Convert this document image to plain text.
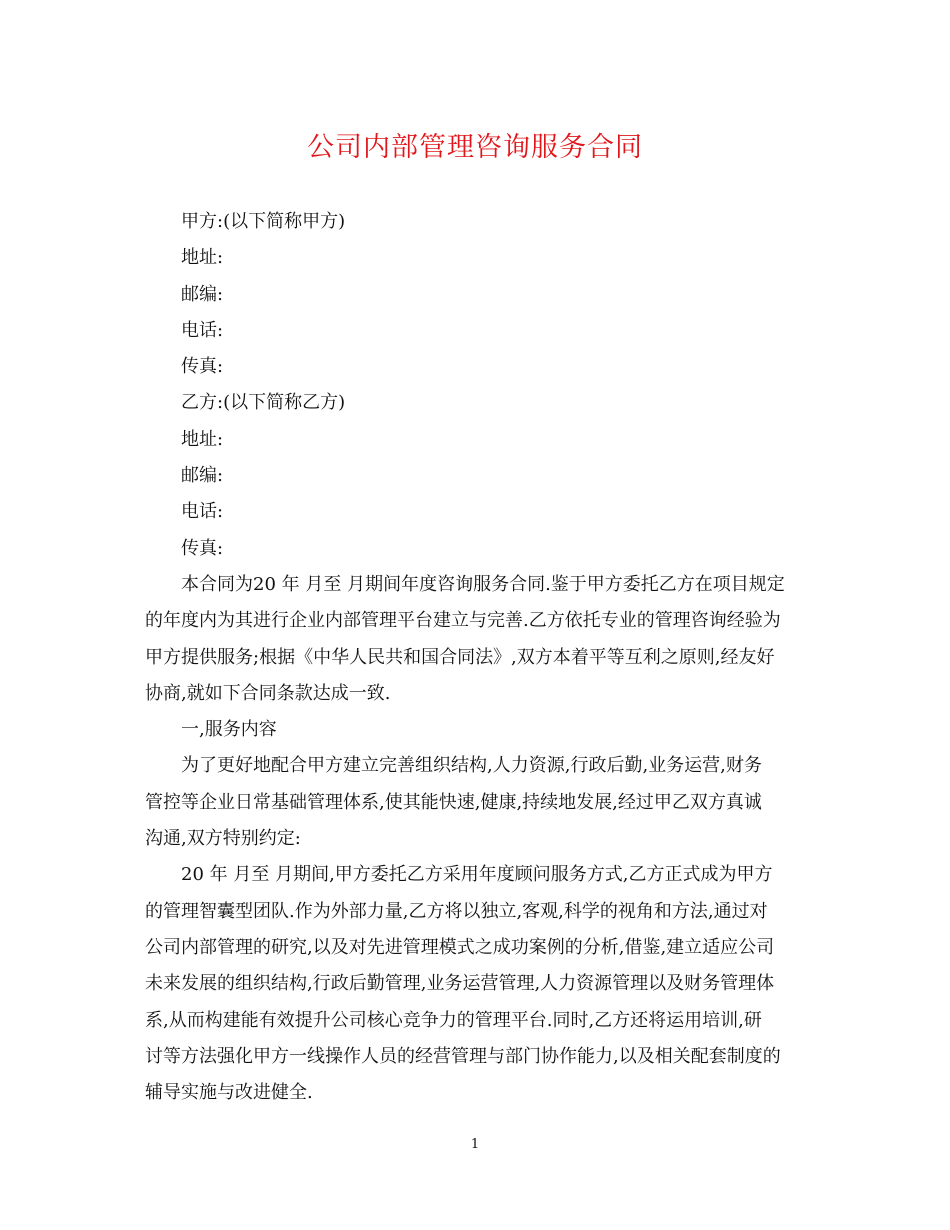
公司内部管理咨询服务合同
甲方:(以下简称甲方)
地址:
邮编:
电话:
传真:
乙方:(以下简称乙方)
地址:
邮编:
电话:
传真:
本合同为20 年 月至 月期间年度咨询服务合同.鉴于甲方委托乙方在项目规定
的年度内为其进行企业内部管理平台建立与完善.乙方依托专业的管理咨询经验为
甲方提供服务;根据《中华人民共和国合同法》,双方本着平等互利之原则,经友好
协商,就如下合同条款达成一致.
一,服务内容
为了更好地配合甲方建立完善组织结构,人力资源,行政后勤,业务运营,财务
管控等企业日常基础管理体系,使其能快速,健康,持续地发展,经过甲乙双方真诚
沟通,双方特别约定:
20 年 月至 月期间,甲方委托乙方采用年度顾问服务方式,乙方正式成为甲方
的管理智囊型团队.作为外部力量,乙方将以独立,客观,科学的视角和方法,通过对
公司内部管理的研究,以及对先进管理模式之成功案例的分析,借鉴,建立适应公司
未来发展的组织结构,行政后勤管理,业务运营管理,人力资源管理以及财务管理体
系,从而构建能有效提升公司核心竞争力的管理平台.同时,乙方还将运用培训,研
讨等方法强化甲方一线操作人员的经营管理与部门协作能力,以及相关配套制度的
辅导实施与改进健全.
1
